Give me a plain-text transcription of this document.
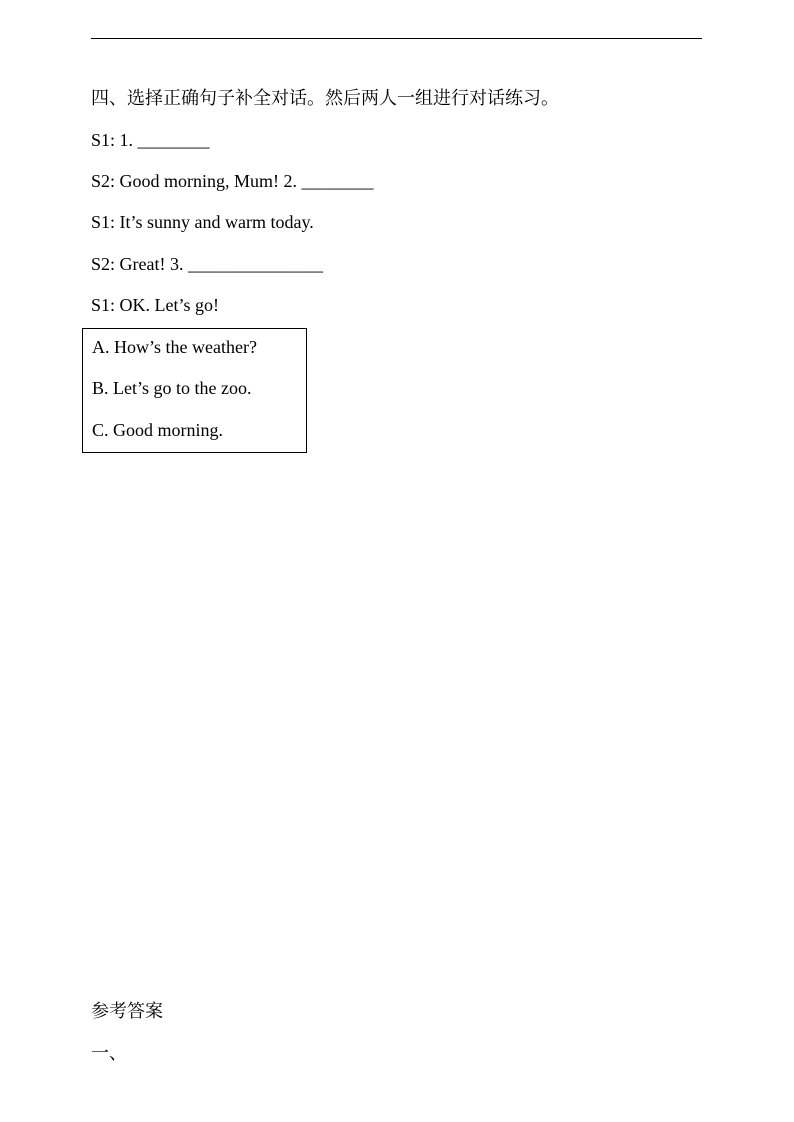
四、选择正确句子补全对话。然后两人一组进行对话练习。
S1: 1. ________
S2: Good morning, Mum! 2. ________
S1: It’s sunny and warm today.
S2: Great! 3. _______________
S1: OK. Let’s go!
A. How’s the weather?
B. Let’s go to the zoo.
C. Good morning.
参考答案
一、
